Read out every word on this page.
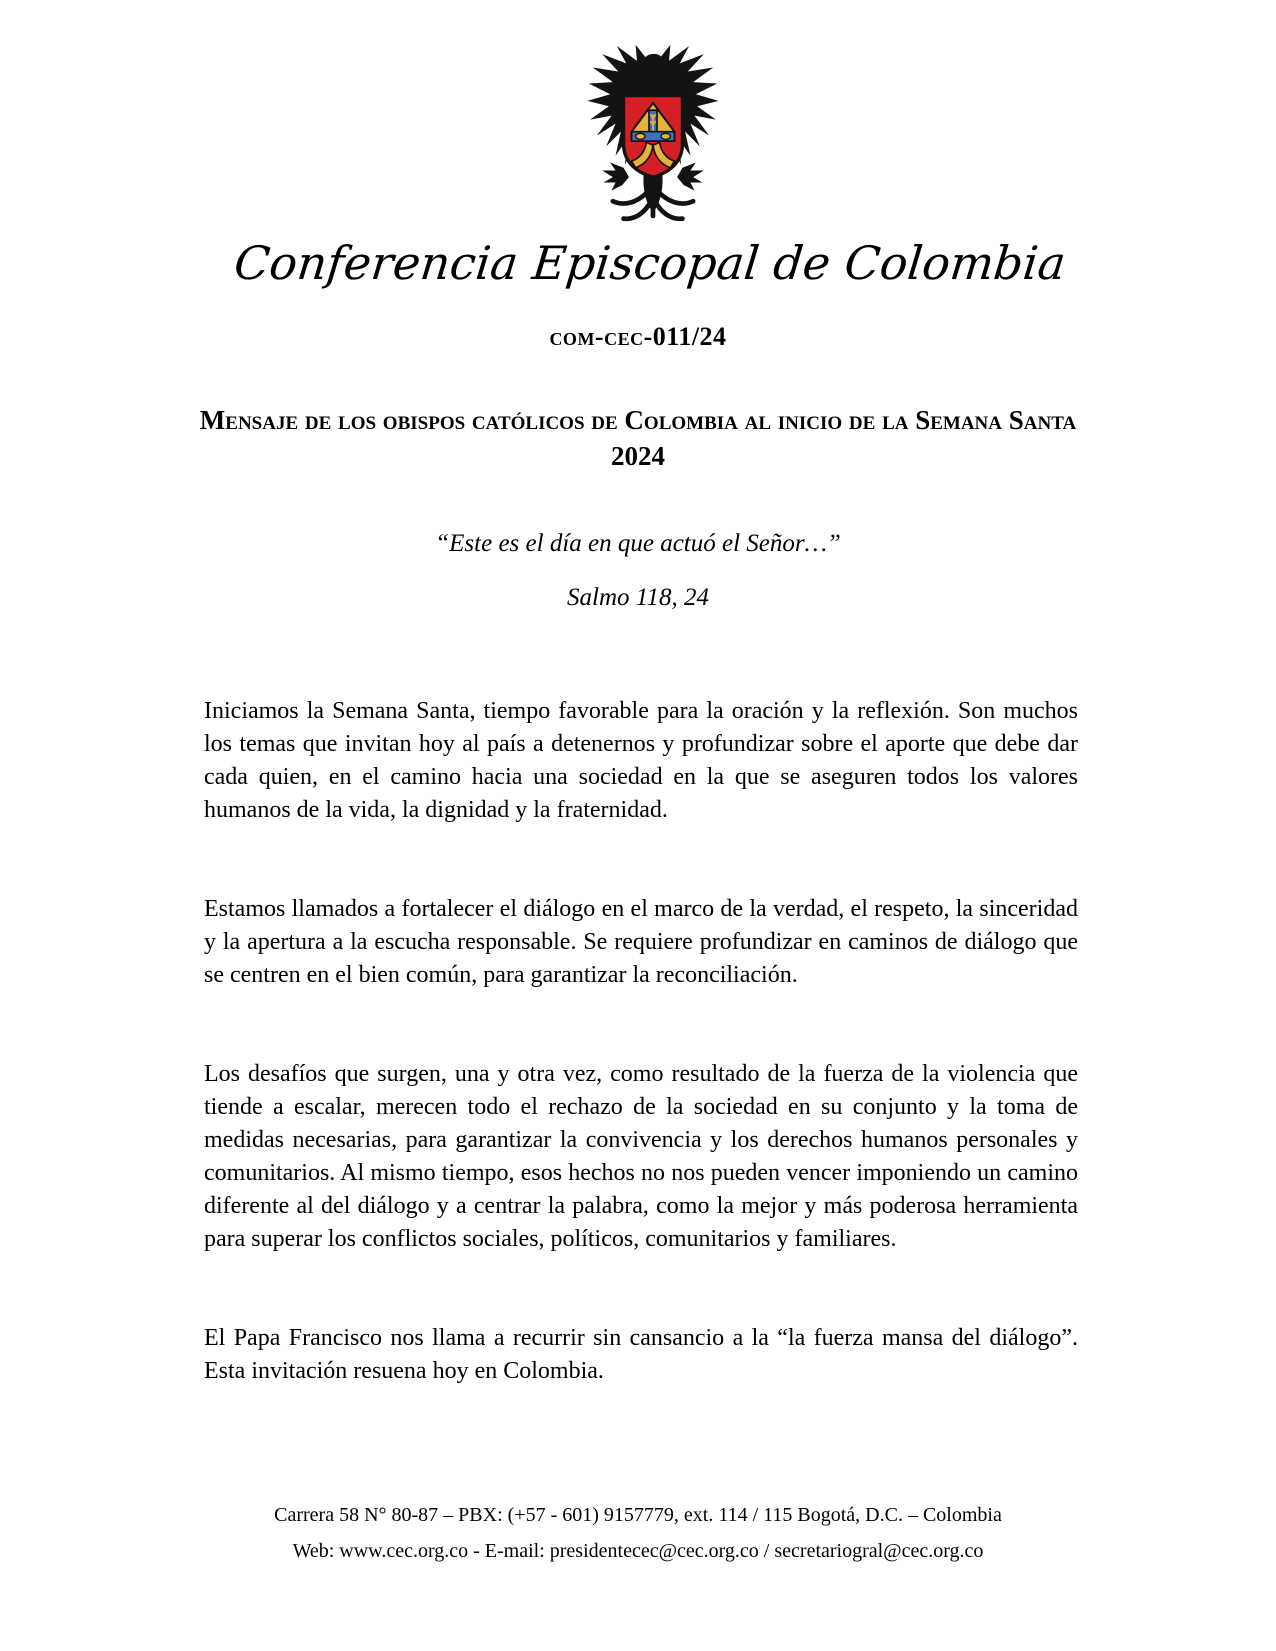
Conferencia Episcopal de Colombia
com-cec-011/24
Mensaje de los obispos católicos de Colombia al inicio de la Semana Santa 2024
“Este es el día en que actuó el Señor…”
Salmo 118, 24

Iniciamos la Semana Santa, tiempo favorable para la oración y la reflexión. Son muchos los temas que invitan hoy al país a detenernos y profundizar sobre el aporte que debe dar cada quien, en el camino hacia una sociedad en la que se aseguren todos los valores humanos de la vida, la dignidad y la fraternidad.

Estamos llamados a fortalecer el diálogo en el marco de la verdad, el respeto, la sinceridad y la apertura a la escucha responsable. Se requiere profundizar en caminos de diálogo que se centren en el bien común, para garantizar la reconciliación.

Los desafíos que surgen, una y otra vez, como resultado de la fuerza de la violencia que tiende a escalar, merecen todo el rechazo de la sociedad en su conjunto y la toma de medidas necesarias, para garantizar la convivencia y los derechos humanos personales y comunitarios. Al mismo tiempo, esos hechos no nos pueden vencer imponiendo un camino diferente al del diálogo y a centrar la palabra, como la mejor y más poderosa herramienta para superar los conflictos sociales, políticos, comunitarios y familiares.

El Papa Francisco nos llama a recurrir sin cansancio a la “la fuerza mansa del diálogo”. Esta invitación resuena hoy en Colombia.

Carrera 58 N° 80-87 – PBX: (+57 - 601) 9157779, ext. 114 / 115 Bogotá, D.C. – Colombia
Web: www.cec.org.co - E-mail: presidentecec@cec.org.co / secretariogral@cec.org.co
